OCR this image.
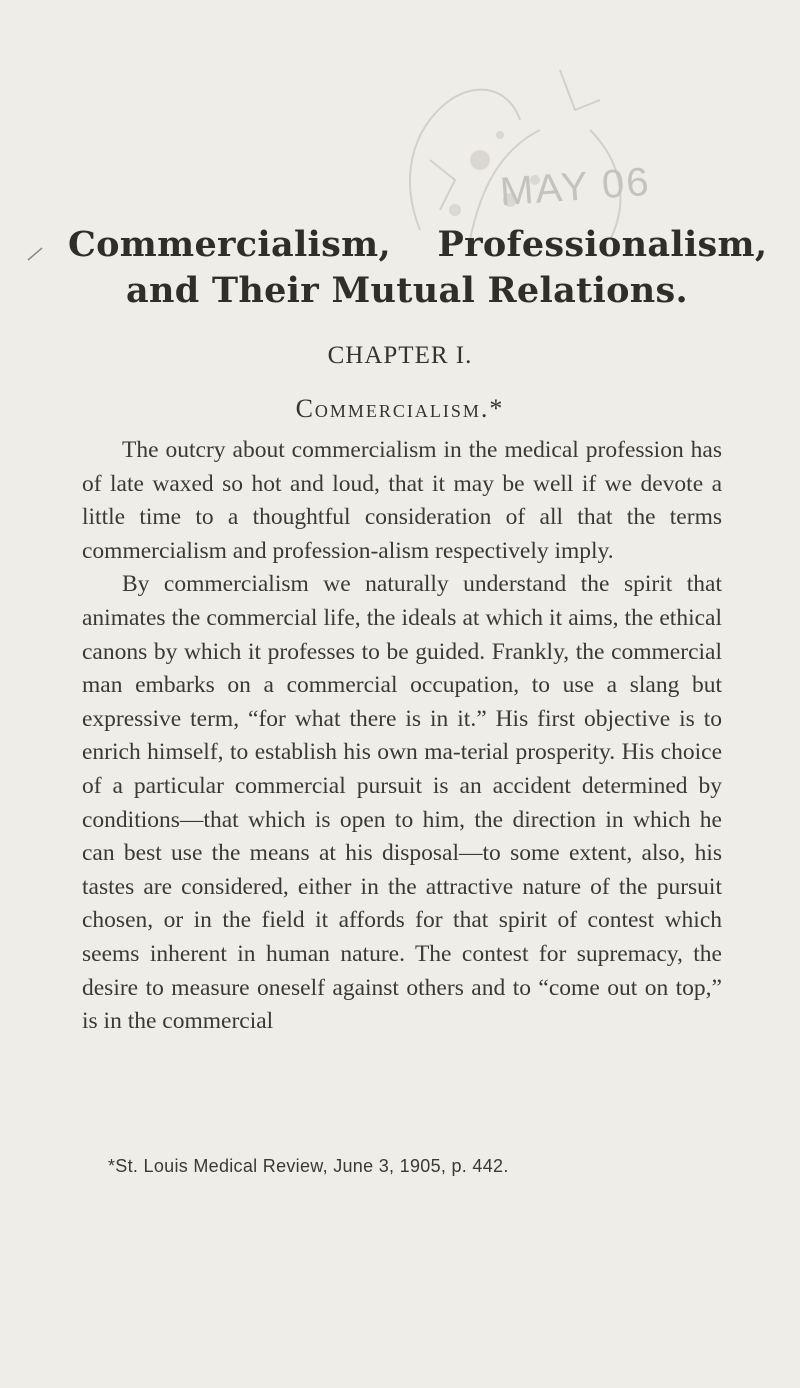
MAY 06
Commercialism, Professionalism,
and Their Mutual Relations.
CHAPTER I.
Commercialism.*

The outcry about commercialism in the medical profession has of late waxed so hot and loud, that it may be well if we devote a little time to a thoughtful consideration of all that the terms commercialism and profession-alism respectively imply.

By commercialism we naturally understand the spirit that animates the commercial life, the ideals at which it aims, the ethical canons by which it professes to be guided. Frankly, the commercial man embarks on a commercial occupation, to use a slang but expressive term, “for what there is in it.” His first objective is to enrich himself, to establish his own ma-terial prosperity. His choice of a particular commercial pursuit is an accident determined by conditions—that which is open to him, the direction in which he can best use the means at his disposal—to some extent, also, his tastes are considered, either in the attractive nature of the pursuit chosen, or in the field it affords for that spirit of contest which seems inherent in human nature. The contest for supremacy, the desire to measure oneself against others and to “come out on top,” is in the commercial

*St. Louis Medical Review, June 3, 1905, p. 442.
